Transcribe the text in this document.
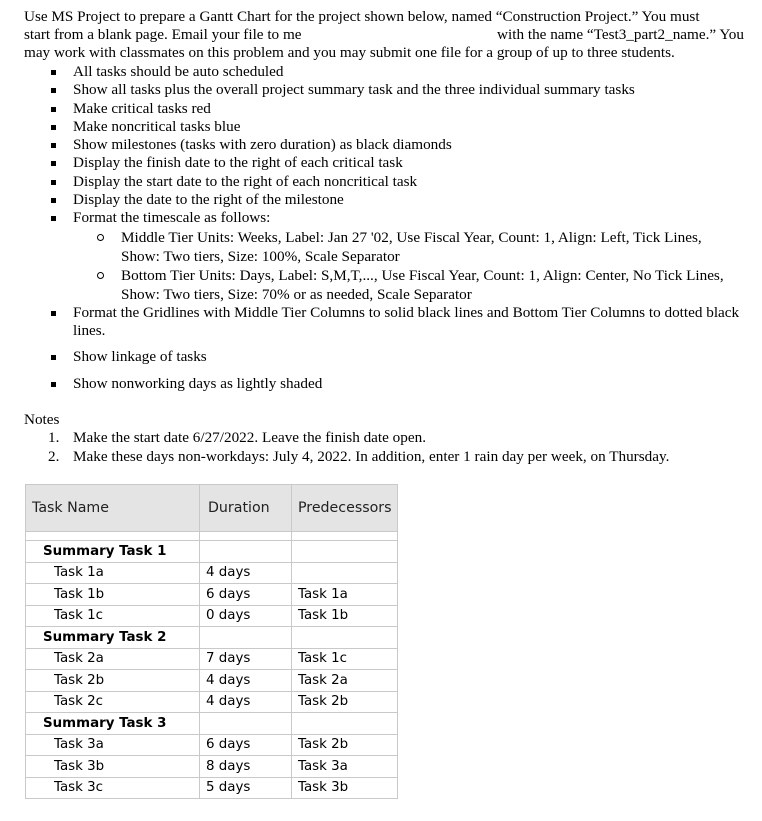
Use MS Project to prepare a Gantt Chart for the project shown below, named “Construction Project.” You must
start from a blank page. Email your file to me	with the name “Test3_part2_name.” You
may work with classmates on this problem and you may submit one file for a group of up to three students.
All tasks should be auto scheduled
Show all tasks plus the overall project summary task and the three individual summary tasks
Make critical tasks red
Make noncritical tasks blue
Show milestones (tasks with zero duration) as black diamonds
Display the finish date to the right of each critical task
Display the start date to the right of each noncritical task
Display the date to the right of the milestone
Format the timescale as follows:
Middle Tier Units: Weeks, Label: Jan 27 '02, Use Fiscal Year, Count: 1, Align: Left, Tick Lines, Show: Two tiers, Size: 100%, Scale Separator
Bottom Tier Units: Days, Label: S,M,T,..., Use Fiscal Year, Count: 1, Align: Center, No Tick Lines, Show: Two tiers, Size: 70% or as needed, Scale Separator
Format the Gridlines with Middle Tier Columns to solid black lines and Bottom Tier Columns to dotted black lines.
Show linkage of tasks
Show nonworking days as lightly shaded
Notes
1. Make the start date 6/27/2022. Leave the finish date open.
2. Make these days non-workdays: July 4, 2022. In addition, enter 1 rain day per week, on Thursday.
Task Name	Duration	Predecessors

Summary Task 1		
Task 1a	4 days	
Task 1b	6 days	Task 1a
Task 1c	0 days	Task 1b
Summary Task 2		
Task 2a	7 days	Task 1c
Task 2b	4 days	Task 2a
Task 2c	4 days	Task 2b
Summary Task 3		
Task 3a	6 days	Task 2b
Task 3b	8 days	Task 3a
Task 3c	5 days	Task 3b
